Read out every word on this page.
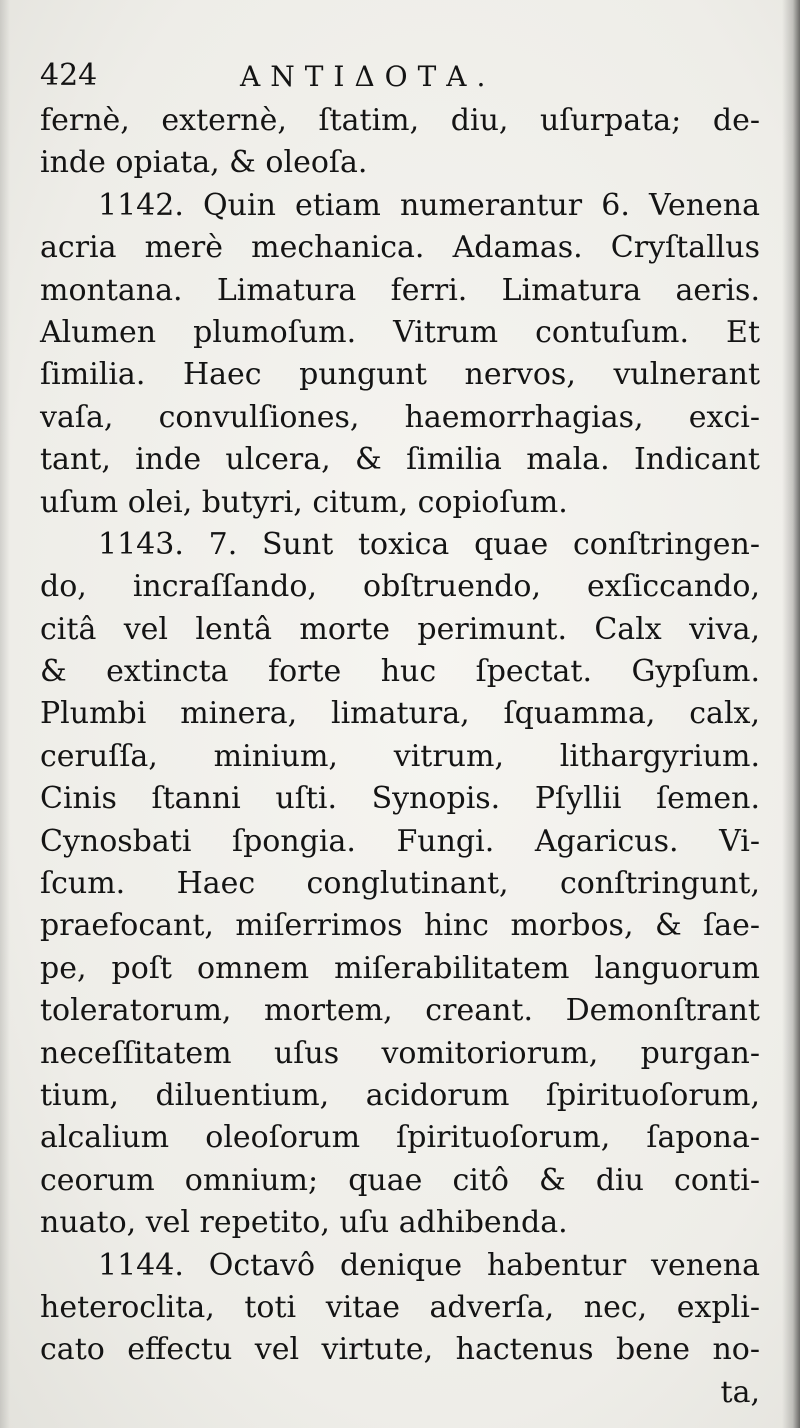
424	ANTIΔΟΤΑ.
fernè, externè, ſtatim, diu, uſurpata; de-
inde opiata, & oleoſa.
1142. Quin etiam numerantur 6. Venena
acria merè mechanica. Adamas. Cryſtallus
montana. Limatura ferri. Limatura aeris.
Alumen plumoſum. Vitrum contuſum. Et
ſimilia. Haec pungunt nervos, vulnerant
vaſa, convulſiones, haemorrhagias, exci-
tant, inde ulcera, & ſimilia mala. Indicant
uſum olei, butyri, citum, copioſum.
1143. 7. Sunt toxica quae conſtringen-
do, incraſſando, obſtruendo, exſiccando,
citâ vel lentâ morte perimunt. Calx viva,
& extincta forte huc ſpectat. Gypſum.
Plumbi minera, limatura, ſquamma, calx,
ceruſſa, minium, vitrum, lithargyrium.
Cinis ſtanni uſti. Synopis. Pſyllii ſemen.
Cynosbati ſpongia. Fungi. Agaricus. Vi-
ſcum. Haec conglutinant, conſtringunt,
praefocant, miſerrimos hinc morbos, & ſae-
pe, poſt omnem miſerabilitatem languorum
toleratorum, mortem, creant. Demonſtrant
neceſſitatem uſus vomitoriorum, purgan-
tium, diluentium, acidorum ſpirituoſorum,
alcalium oleoſorum ſpirituoſorum, ſapona-
ceorum omnium; quae citô & diu conti-
nuato, vel repetito, uſu adhibenda.
1144. Octavô denique habentur venena
heteroclita, toti vitae adverſa, nec, expli-
cato effectu vel virtute, hactenus bene no-
ta,
